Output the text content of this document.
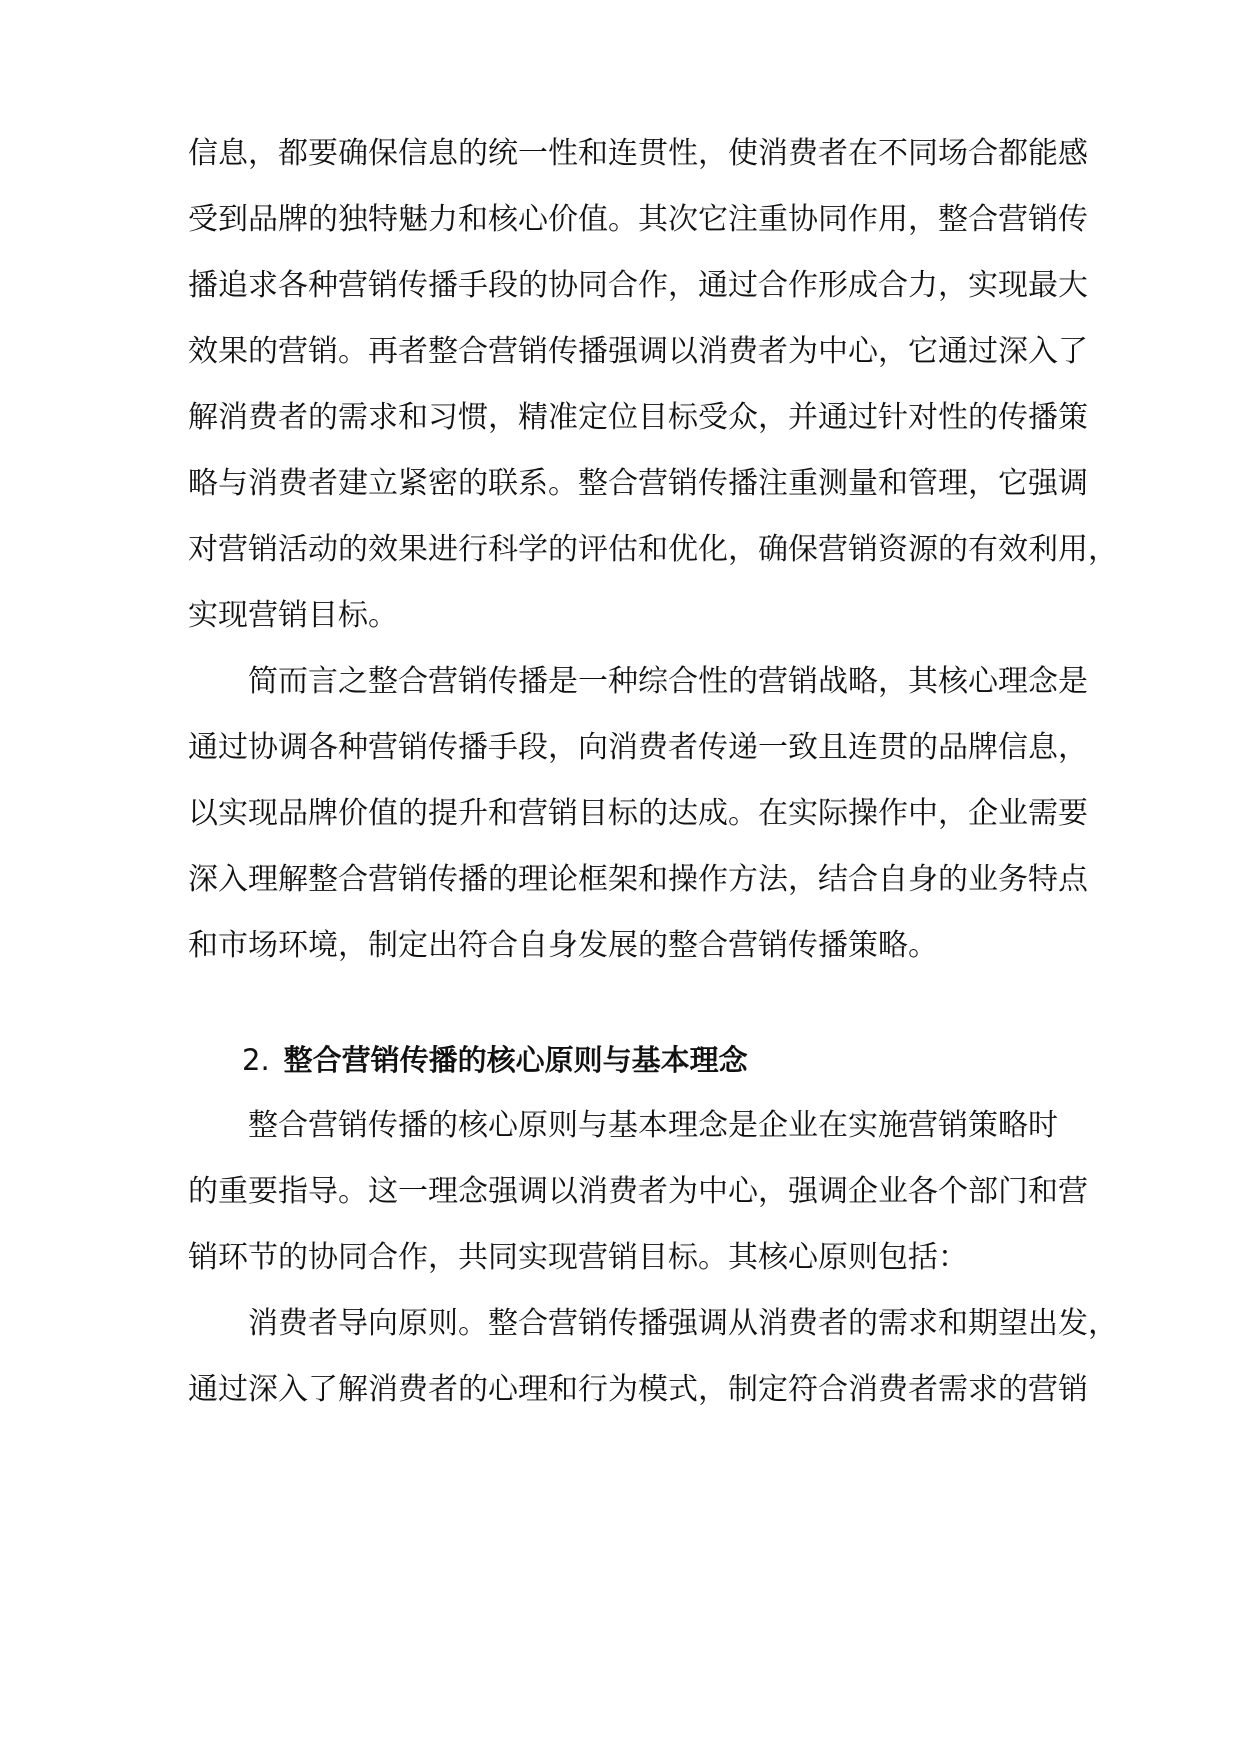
信息，都要确保信息的统一性和连贯性，使消费者在不同场合都能感
受到品牌的独特魅力和核心价值。其次它注重协同作用，整合营销传
播追求各种营销传播手段的协同合作，通过合作形成合力，实现最大
效果的营销。再者整合营销传播强调以消费者为中心，它通过深入了
解消费者的需求和习惯，精准定位目标受众，并通过针对性的传播策
略与消费者建立紧密的联系。整合营销传播注重测量和管理，它强调
对营销活动的效果进行科学的评估和优化，确保营销资源的有效利用，
实现营销目标。
简而言之整合营销传播是一种综合性的营销战略，其核心理念是
通过协调各种营销传播手段，向消费者传递一致且连贯的品牌信息，
以实现品牌价值的提升和营销目标的达成。在实际操作中，企业需要
深入理解整合营销传播的理论框架和操作方法，结合自身的业务特点
和市场环境，制定出符合自身发展的整合营销传播策略。
2. 整合营销传播的核心原则与基本理念
整合营销传播的核心原则与基本理念是企业在实施营销策略时
的重要指导。这一理念强调以消费者为中心，强调企业各个部门和营
销环节的协同合作，共同实现营销目标。其核心原则包括：
消费者导向原则。整合营销传播强调从消费者的需求和期望出发，
通过深入了解消费者的心理和行为模式，制定符合消费者需求的营销
